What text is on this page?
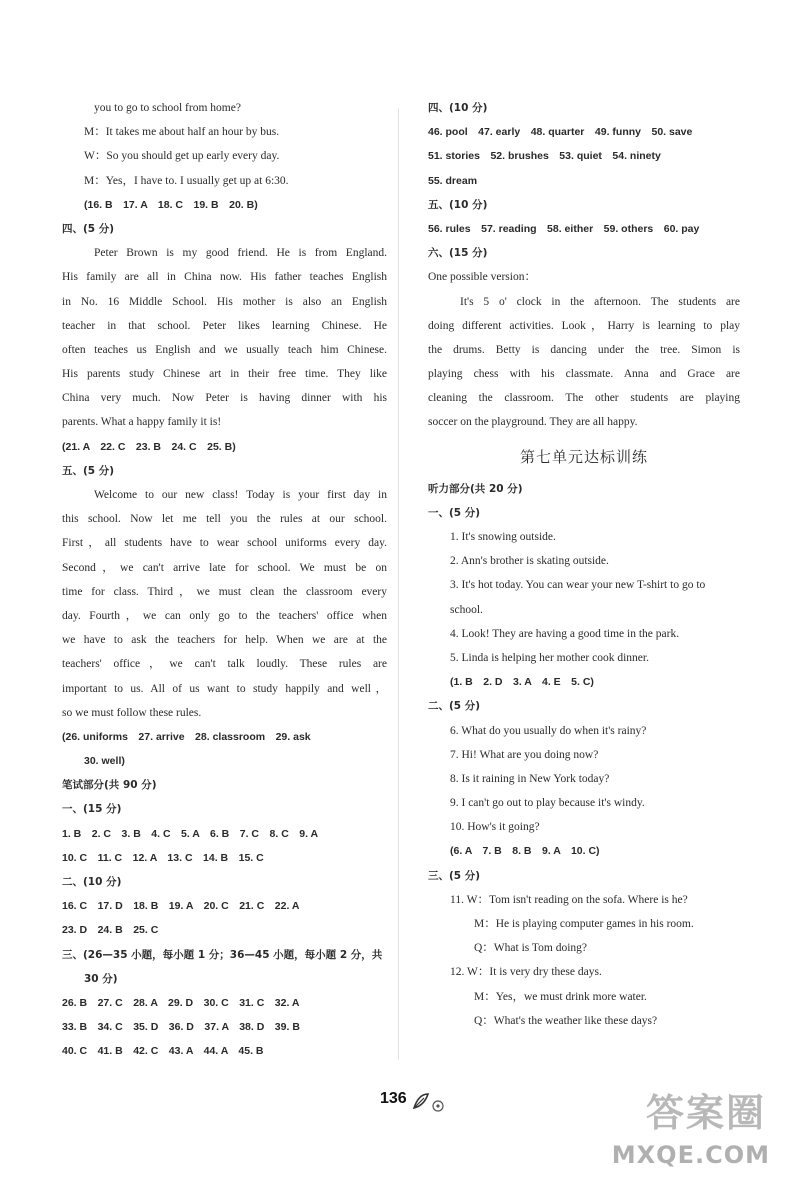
you to go to school from home?
M：It takes me about half an hour by bus.
W：So you should get up early every day.
M：Yes，I have to. I usually get up at 6:30.
(16. B　17. A　18. C　19. B　20. B)
四、(5 分)
Peter Brown is my good friend. He is from England.
His family are all in China now. His father teaches English
in No. 16 Middle School. His mother is also an English
teacher in that school. Peter likes learning Chinese. He
often teaches us English and we usually teach him Chinese.
His parents study Chinese art in their free time. They like
China very much. Now Peter is having dinner with his
parents. What a happy family it is!
(21. A　22. C　23. B　24. C　25. B)
五、(5 分)
Welcome to our new class! Today is your first day in
this school. Now let me tell you the rules at our school.
First，all students have to wear school uniforms every day.
Second，we can't arrive late for school. We must be on
time for class. Third，we must clean the classroom every
day. Fourth，we can only go to the teachers' office when
we have to ask the teachers for help. When we are at the
teachers' office，we can't talk loudly. These rules are
important to us. All of us want to study happily and well，
so we must follow these rules.
(26. uniforms　27. arrive　28. classroom　29. ask
30. well)
笔试部分(共 90 分)
一、(15 分)
1. B　2. C　3. B　4. C　5. A　6. B　7. C　8. C　9. A
10. C　11. C　12. A　13. C　14. B　15. C
二、(10 分)
16. C　17. D　18. B　19. A　20. C　21. C　22. A
23. D　24. B　25. C
三、(26—35 小题，每小题 1 分；36—45 小题，每小题 2 分，共
30 分)
26. B　27. C　28. A　29. D　30. C　31. C　32. A
33. B　34. C　35. D　36. D　37. A　38. D　39. B
40. C　41. B　42. C　43. A　44. A　45. B
四、(10 分)
46. pool　47. early　48. quarter　49. funny　50. save
51. stories　52. brushes　53. quiet　54. ninety
55. dream
五、(10 分)
56. rules　57. reading　58. either　59. others　60. pay
六、(15 分)
One possible version：
It's 5 o' clock in the afternoon. The students are
doing different activities. Look，Harry is learning to play
the drums. Betty is dancing under the tree. Simon is
playing chess with his classmate. Anna and Grace are
cleaning the classroom. The other students are playing
soccer on the playground. They are all happy.
第七单元达标训练
听力部分(共 20 分)
一、(5 分)
1. It's snowing outside.
2. Ann's brother is skating outside.
3. It's hot today. You can wear your new T-shirt to go to
school.
4. Look! They are having a good time in the park.
5. Linda is helping her mother cook dinner.
(1. B　2. D　3. A　4. E　5. C)
二、(5 分)
6. What do you usually do when it's rainy?
7. Hi! What are you doing now?
8. Is it raining in New York today?
9. I can't go out to play because it's windy.
10. How's it going?
(6. A　7. B　8. B　9. A　10. C)
三、(5 分)
11. W：Tom isn't reading on the sofa. Where is he?
M：He is playing computer games in his room.
Q：What is Tom doing?
12. W：It is very dry these days.
M：Yes，we must drink more water.
Q：What's the weather like these days?
136	答案圈
MXQE.COM
